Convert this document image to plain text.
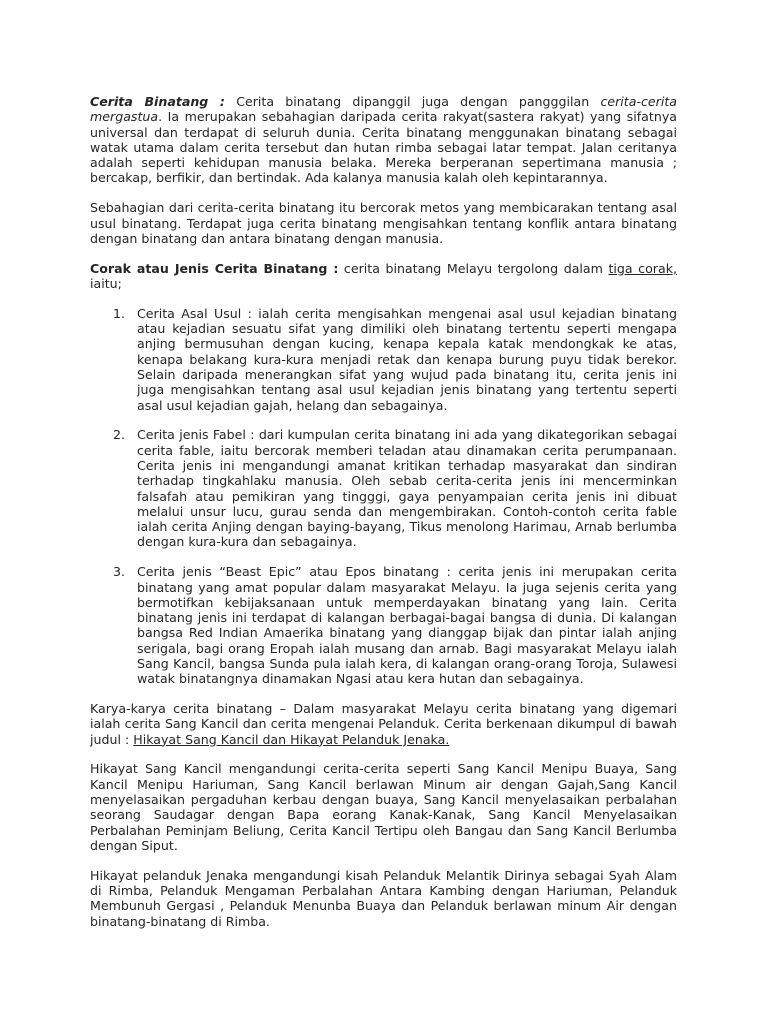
Cerita Binatang : Cerita binatang dipanggil juga dengan pangggilan cerita-cerita mergastua. Ia merupakan sebahagian daripada cerita rakyat(sastera rakyat) yang sifatnya universal dan terdapat di seluruh dunia. Cerita binatang menggunakan binatang sebagai watak utama dalam cerita tersebut dan hutan rimba sebagai latar tempat. Jalan ceritanya adalah seperti kehidupan manusia belaka. Mereka berperanan sepertimana manusia ; bercakap, berfikir, dan bertindak. Ada kalanya manusia kalah oleh kepintarannya.

Sebahagian dari cerita-cerita binatang itu bercorak metos yang membicarakan tentang asal usul binatang. Terdapat juga cerita binatang mengisahkan tentang konflik antara binatang dengan binatang dan antara binatang dengan manusia.

Corak atau Jenis Cerita Binatang : cerita binatang Melayu tergolong dalam tiga corak, iaitu;

1. Cerita Asal Usul : ialah cerita mengisahkan mengenai asal usul kejadian binatang atau kejadian sesuatu sifat yang dimiliki oleh binatang tertentu seperti mengapa anjing bermusuhan dengan kucing, kenapa kepala katak mendongkak ke atas, kenapa belakang kura-kura menjadi retak dan kenapa burung puyu tidak berekor. Selain daripada menerangkan sifat yang wujud pada binatang itu, cerita jenis ini juga mengisahkan tentang asal usul kejadian jenis binatang yang tertentu seperti asal usul kejadian gajah, helang dan sebagainya.
2. Cerita jenis Fabel : dari kumpulan cerita binatang ini ada yang dikategorikan sebagai cerita fable, iaitu bercorak memberi teladan atau dinamakan cerita perumpanaan. Cerita jenis ini mengandungi amanat kritikan terhadap masyarakat dan sindiran terhadap tingkahlaku manusia. Oleh sebab cerita-cerita jenis ini mencerminkan falsafah atau pemikiran yang tingggi, gaya penyampaian cerita jenis ini dibuat melalui unsur lucu, gurau senda dan mengembirakan. Contoh-contoh cerita fable ialah cerita Anjing dengan baying-bayang, Tikus menolong Harimau, Arnab berlumba dengan kura-kura dan sebagainya.
3. Cerita jenis “Beast Epic” atau Epos binatang : cerita jenis ini merupakan cerita binatang yang amat popular dalam masyarakat Melayu. Ia juga sejenis cerita yang bermotifkan kebijaksanaan untuk memperdayakan binatang yang lain. Cerita binatang jenis ini terdapat di kalangan berbagai-bagai bangsa di dunia. Di kalangan bangsa Red Indian Amaerika binatang yang dianggap bijak dan pintar ialah anjing serigala, bagi orang Eropah ialah musang dan arnab. Bagi masyarakat Melayu ialah Sang Kancil, bangsa Sunda pula ialah kera, di kalangan orang-orang Toroja, Sulawesi watak binatangnya dinamakan Ngasi atau kera hutan dan sebagainya.

Karya-karya cerita binatang – Dalam masyarakat Melayu cerita binatang yang digemari ialah cerita Sang Kancil dan cerita mengenai Pelanduk. Cerita berkenaan dikumpul di bawah judul : Hikayat Sang Kancil dan Hikayat Pelanduk Jenaka.

Hikayat Sang Kancil mengandungi cerita-cerita seperti Sang Kancil Menipu Buaya, Sang Kancil Menipu Hariuman, Sang Kancil berlawan Minum air dengan Gajah,Sang Kancil menyelasaikan pergaduhan kerbau dengan buaya, Sang Kancil menyelasaikan perbalahan seorang Saudagar dengan Bapa eorang Kanak-Kanak, Sang Kancil Menyelasaikan Perbalahan Peminjam Beliung, Cerita Kancil Tertipu oleh Bangau dan Sang Kancil Berlumba dengan Siput.

Hikayat pelanduk Jenaka mengandungi kisah Pelanduk Melantik Dirinya sebagai Syah Alam di Rimba, Pelanduk Mengaman Perbalahan Antara Kambing dengan Hariuman, Pelanduk Membunuh Gergasi , Pelanduk Menunba Buaya dan Pelanduk berlawan minum Air dengan binatang-binatang di Rimba.
